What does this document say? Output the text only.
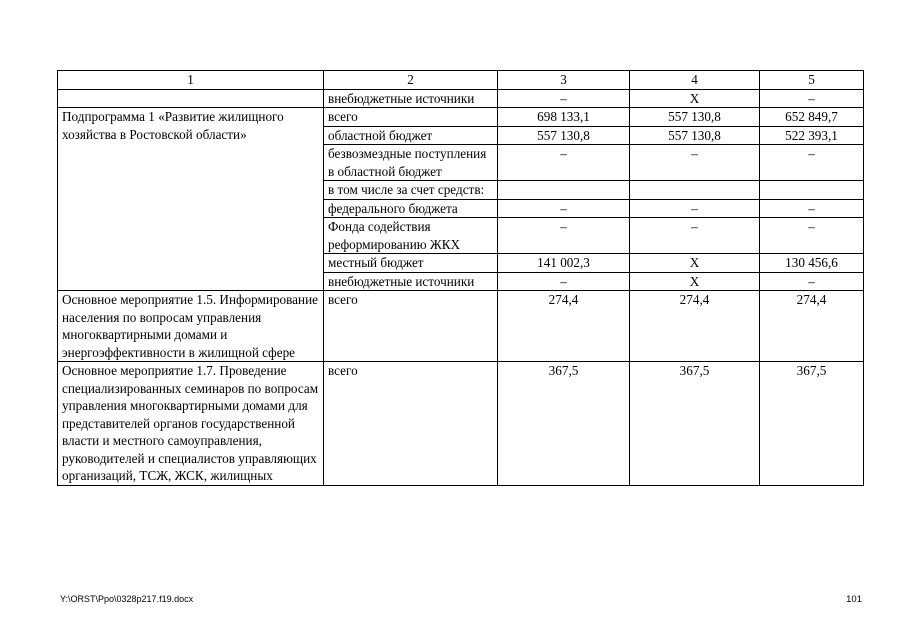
1	2	3	4	5
	внебюджетные источники	–	Х	–
Подпрограмма 1 «Развитие жилищного хозяйства в Ростовской области»	всего	698 133,1	557 130,8	652 849,7
	областной бюджет	557 130,8	557 130,8	522 393,1
	безвозмездные поступления в областной бюджет	–	–	–
	в том числе за счет средств:			
	федерального бюджета	–	–	–
	Фонда содействия реформированию ЖКХ	–	–	–
	местный бюджет	141 002,3	Х	130 456,6
	внебюджетные источники	–	Х	–
Основное мероприятие 1.5. Информирование населения по вопросам управления многоквартирными домами и энергоэффективности в жилищной сфере	всего	274,4	274,4	274,4
Основное мероприятие 1.7. Проведение специализированных семинаров по вопросам управления многоквартирными домами для представителей органов государственной власти и местного самоуправления, руководителей и специалистов управляющих организаций, ТСЖ, ЖСК, жилищных	всего	367,5	367,5	367,5
Y:\ORST\Ppo\0328p217.f19.docx	101
